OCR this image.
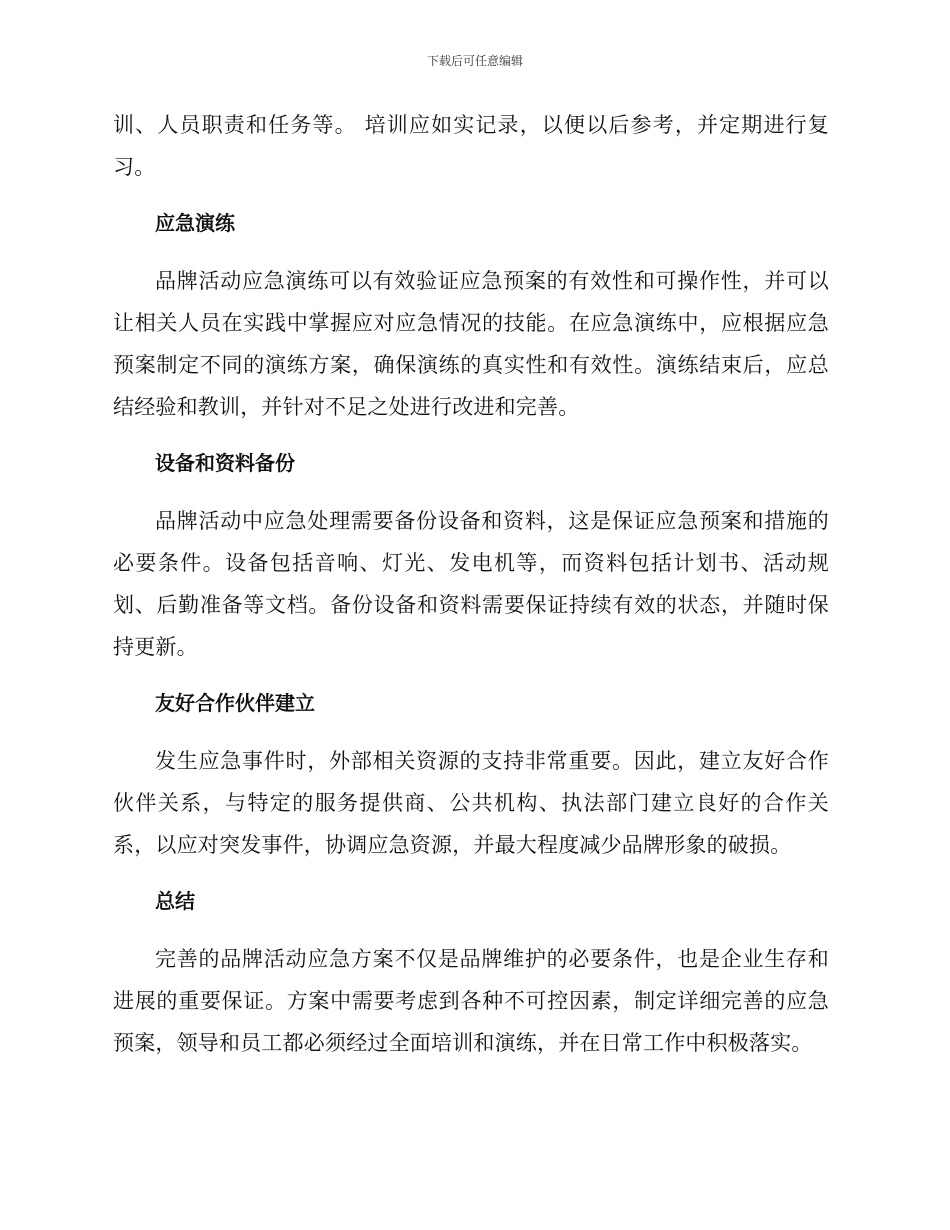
下载后可任意编辑

训、人员职责和任务等。 培训应如实记录，以便以后参考，并定期进行复习。

应急演练

品牌活动应急演练可以有效验证应急预案的有效性和可操作性，并可以让相关人员在实践中掌握应对应急情况的技能。在应急演练中，应根据应急预案制定不同的演练方案，确保演练的真实性和有效性。演练结束后，应总结经验和教训，并针对不足之处进行改进和完善。

设备和资料备份

品牌活动中应急处理需要备份设备和资料，这是保证应急预案和措施的必要条件。设备包括音响、灯光、发电机等，而资料包括计划书、活动规划、后勤准备等文档。备份设备和资料需要保证持续有效的状态，并随时保持更新。

友好合作伙伴建立

发生应急事件时，外部相关资源的支持非常重要。因此，建立友好合作伙伴关系，与特定的服务提供商、公共机构、执法部门建立良好的合作关系，以应对突发事件，协调应急资源，并最大程度减少品牌形象的破损。

总结

完善的品牌活动应急方案不仅是品牌维护的必要条件，也是企业生存和进展的重要保证。方案中需要考虑到各种不可控因素，制定详细完善的应急预案，领导和员工都必须经过全面培训和演练，并在日常工作中积极落实。
